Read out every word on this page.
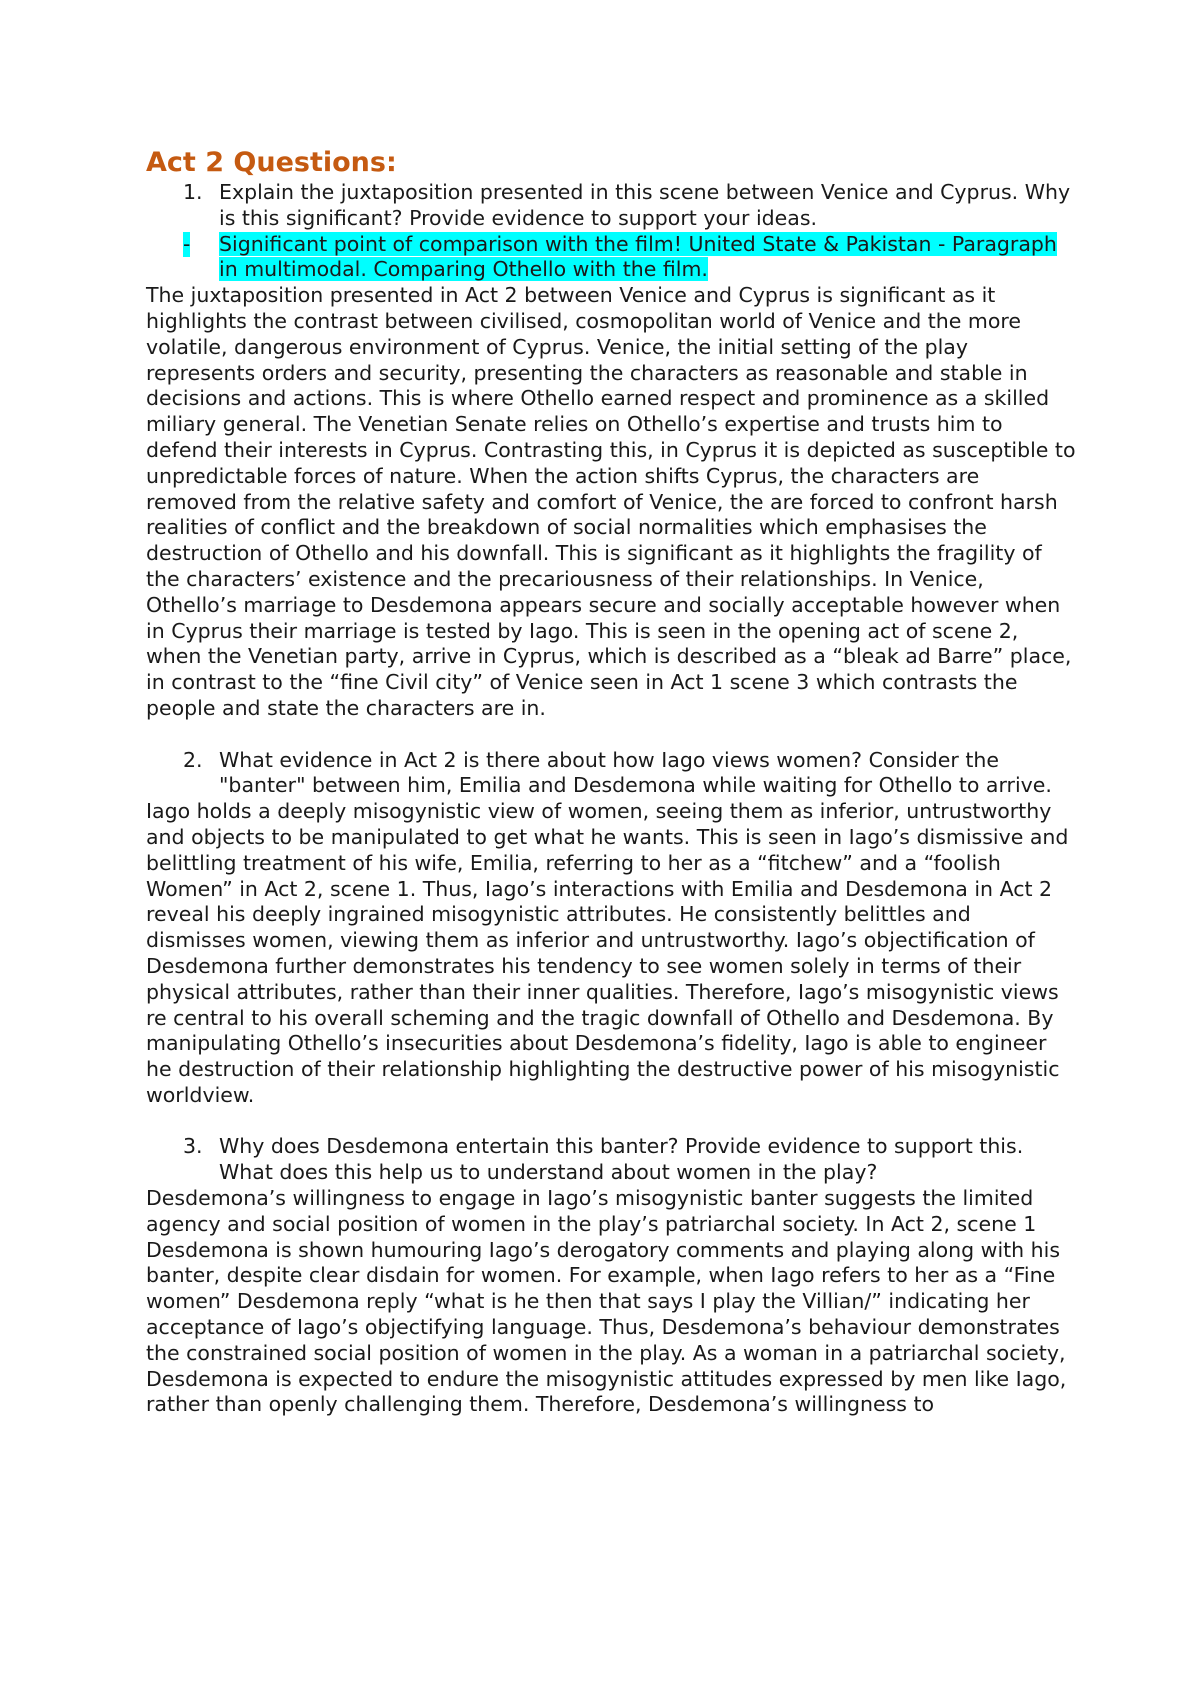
Act 2 Questions:
1. Explain the juxtaposition presented in this scene between Venice and Cyprus. Why is this significant? Provide evidence to support your ideas.
- Significant point of comparison with the film! United State & Pakistan - Paragraph in multimodal. Comparing Othello with the film.

The juxtaposition presented in Act 2 between Venice and Cyprus is significant as it highlights the contrast between civilised, cosmopolitan world of Venice and the more volatile, dangerous environment of Cyprus. Venice, the initial setting of the play represents orders and security, presenting the characters as reasonable and stable in decisions and actions. This is where Othello earned respect and prominence as a skilled miliary general. The Venetian Senate relies on Othello’s expertise and trusts him to defend their interests in Cyprus. Contrasting this, in Cyprus it is depicted as susceptible to unpredictable forces of nature. When the action shifts Cyprus, the characters are removed from the relative safety and comfort of Venice, the are forced to confront harsh realities of conflict and the breakdown of social normalities which emphasises the destruction of Othello and his downfall. This is significant as it highlights the fragility of the characters’ existence and the precariousness of their relationships. In Venice, Othello’s marriage to Desdemona appears secure and socially acceptable however when in Cyprus their marriage is tested by Iago. This is seen in the opening act of scene 2, when the Venetian party, arrive in Cyprus, which is described as a “bleak ad Barre” place, in contrast to the “fine Civil city” of Venice seen in Act 1 scene 3 which contrasts the people and state the characters are in.

2. What evidence in Act 2 is there about how Iago views women? Consider the "banter" between him, Emilia and Desdemona while waiting for Othello to arrive.

Iago holds a deeply misogynistic view of women, seeing them as inferior, untrustworthy and objects to be manipulated to get what he wants. This is seen in Iago’s dismissive and belittling treatment of his wife, Emilia, referring to her as a “fitchew” and a “foolish Women” in Act 2, scene 1. Thus, Iago’s interactions with Emilia and Desdemona in Act 2 reveal his deeply ingrained misogynistic attributes. He consistently belittles and dismisses women, viewing them as inferior and untrustworthy. Iago’s objectification of Desdemona further demonstrates his tendency to see women solely in terms of their physical attributes, rather than their inner qualities. Therefore, Iago’s misogynistic views re central to his overall scheming and the tragic downfall of Othello and Desdemona. By manipulating Othello’s insecurities about Desdemona’s fidelity, Iago is able to engineer he destruction of their relationship highlighting the destructive power of his misogynistic worldview.

3. Why does Desdemona entertain this banter? Provide evidence to support this. What does this help us to understand about women in the play?

Desdemona’s willingness to engage in Iago’s misogynistic banter suggests the limited agency and social position of women in the play’s patriarchal society. In Act 2, scene 1 Desdemona is shown humouring Iago’s derogatory comments and playing along with his banter, despite clear disdain for women. For example, when Iago refers to her as a “Fine women” Desdemona reply “what is he then that says I play the Villian/” indicating her acceptance of Iago’s objectifying language. Thus, Desdemona’s behaviour demonstrates the constrained social position of women in the play. As a woman in a patriarchal society, Desdemona is expected to endure the misogynistic attitudes expressed by men like Iago, rather than openly challenging them. Therefore, Desdemona’s willingness to
